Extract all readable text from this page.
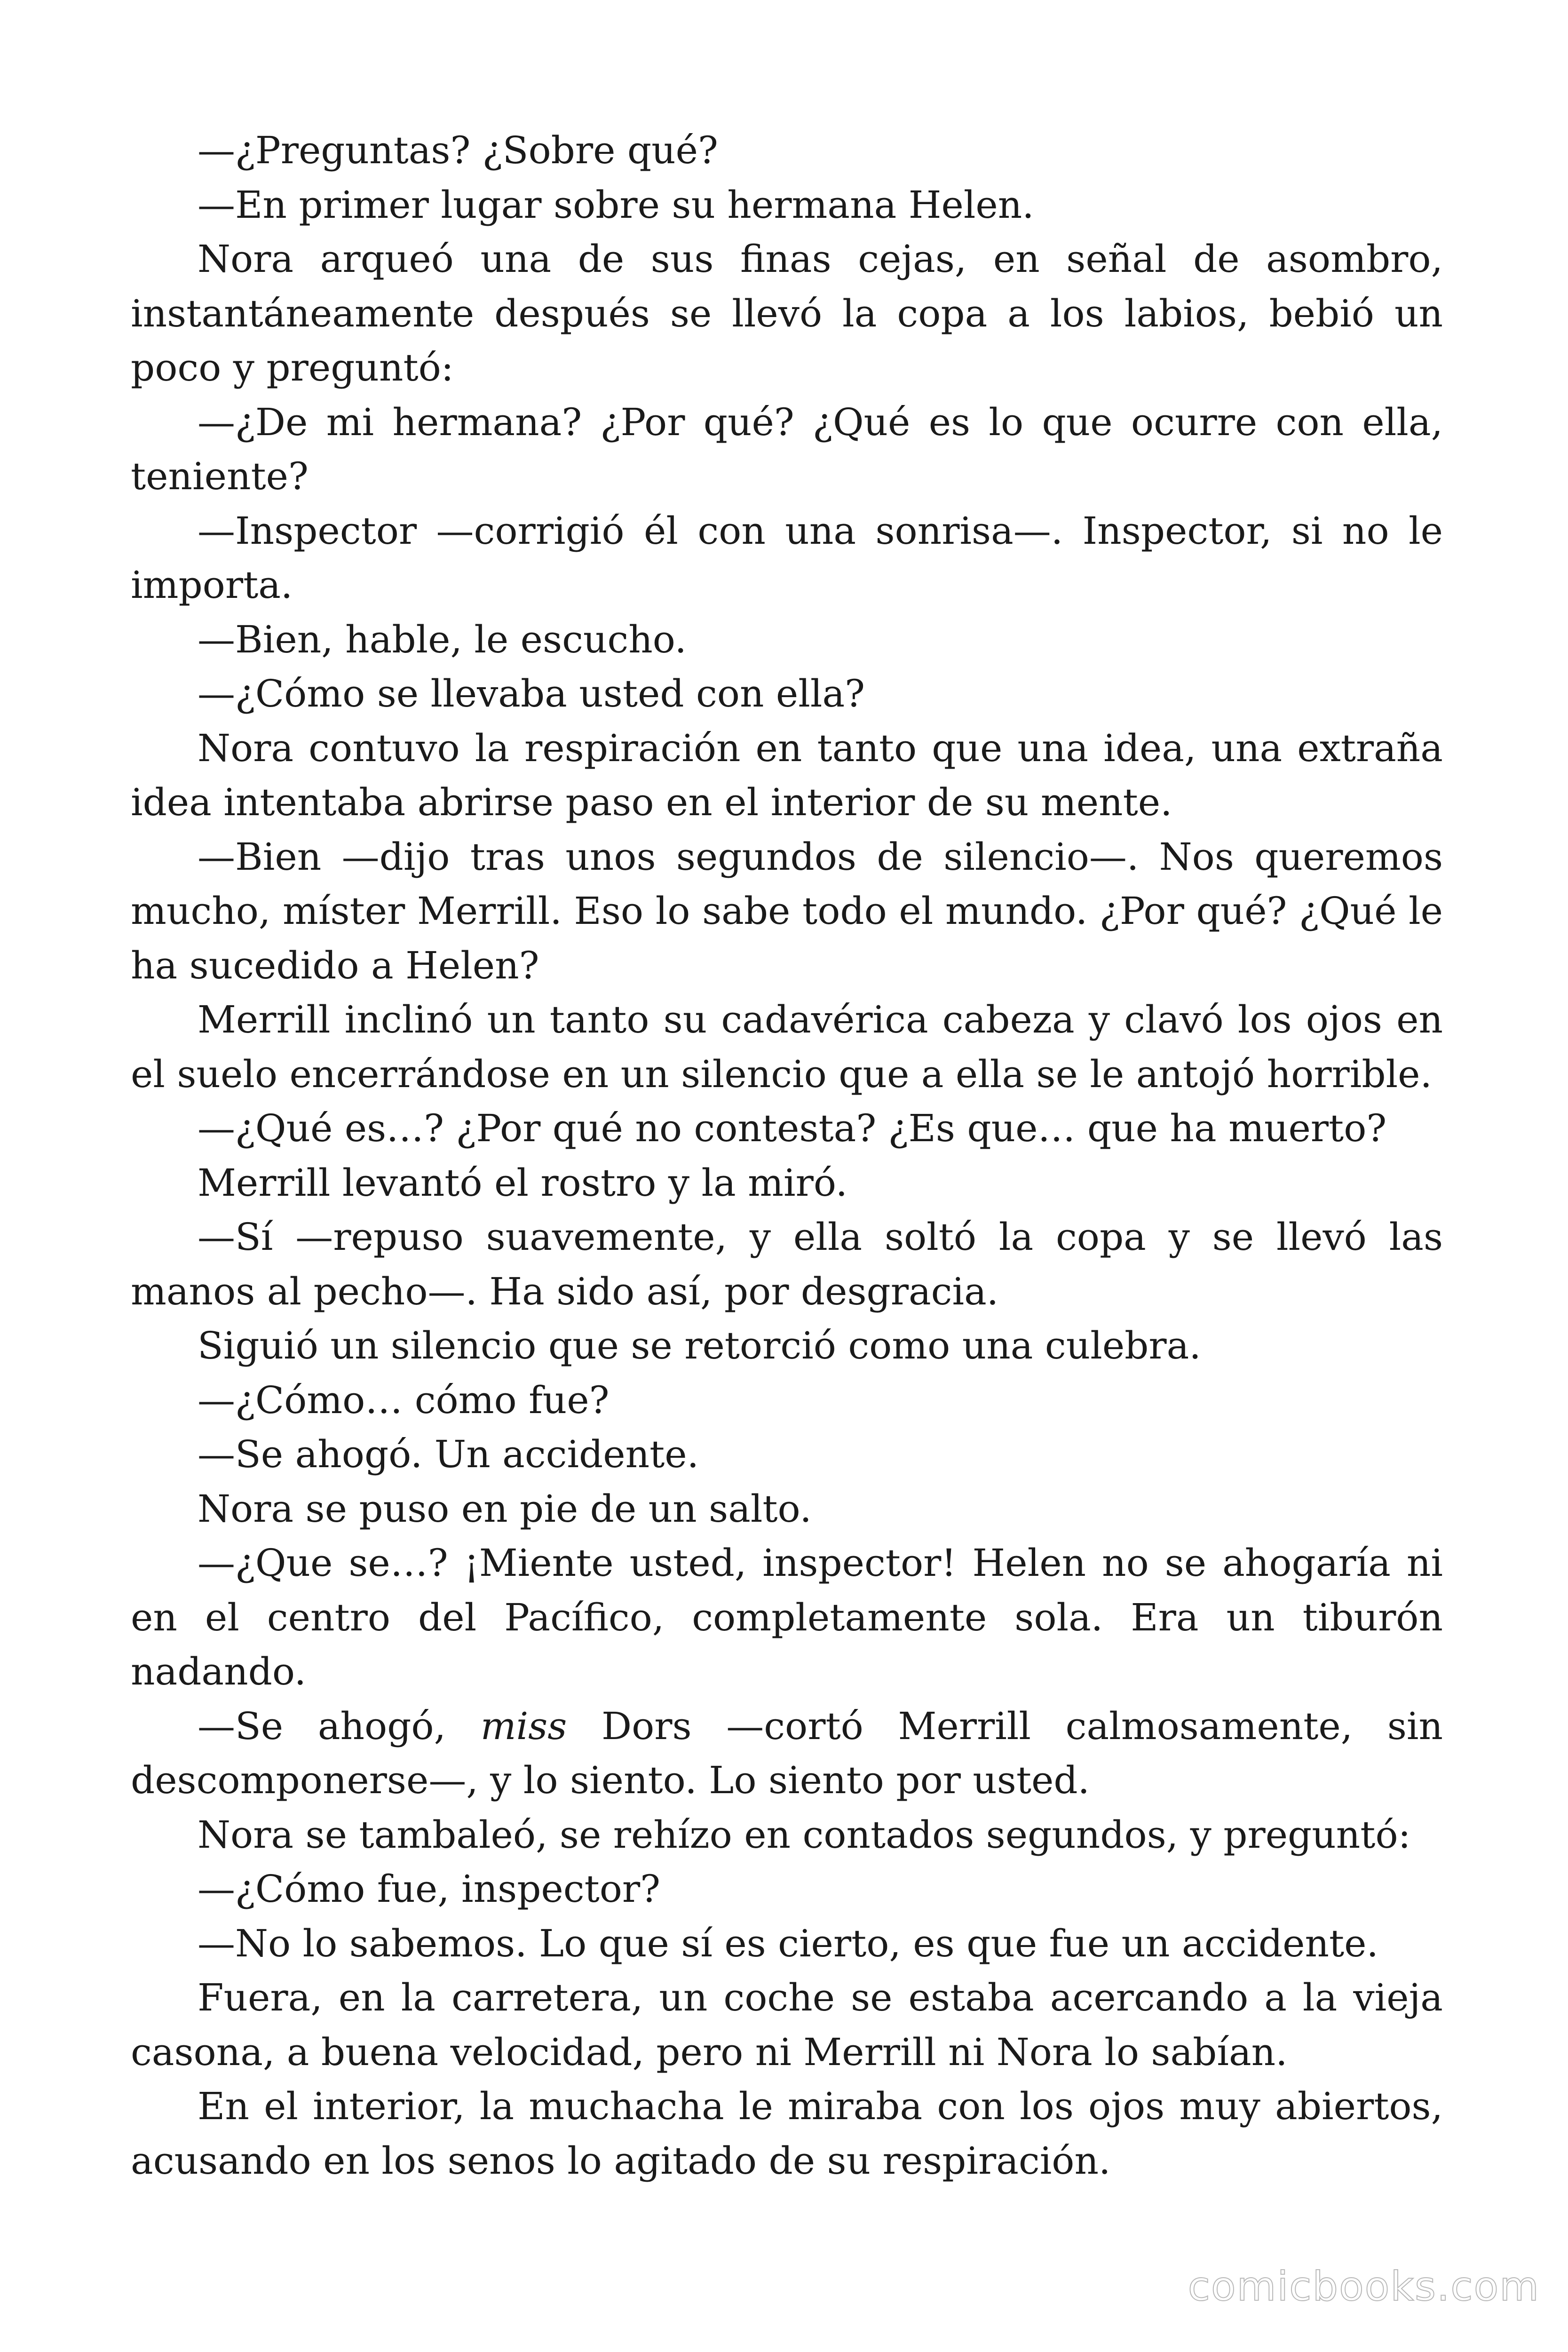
—¿Preguntas? ¿Sobre qué?

—En primer lugar sobre su hermana Helen.

Nora arqueó una de sus finas cejas, en señal de asombro, instantáneamente después se llevó la copa a los labios, bebió un poco y preguntó:

—¿De mi hermana? ¿Por qué? ¿Qué es lo que ocurre con ella, teniente?

—Inspector —corrigió él con una sonrisa—. Inspector, si no le importa.

—Bien, hable, le escucho.

—¿Cómo se llevaba usted con ella?

Nora contuvo la respiración en tanto que una idea, una extraña idea intentaba abrirse paso en el interior de su mente.

—Bien —dijo tras unos segundos de silencio—. Nos queremos mucho, míster Merrill. Eso lo sabe todo el mundo. ¿Por qué? ¿Qué le ha sucedido a Helen?

Merrill inclinó un tanto su cadavérica cabeza y clavó los ojos en el suelo encerrándose en un silencio que a ella se le antojó horrible.

—¿Qué es…? ¿Por qué no contesta? ¿Es que… que ha muerto?

Merrill levantó el rostro y la miró.

—Sí —repuso suavemente, y ella soltó la copa y se llevó las manos al pecho—. Ha sido así, por desgracia.

Siguió un silencio que se retorció como una culebra.

—¿Cómo… cómo fue?

—Se ahogó. Un accidente.

Nora se puso en pie de un salto.

—¿Que se…? ¡Miente usted, inspector! Helen no se ahogaría ni en el centro del Pacífico, completamente sola. Era un tiburón nadando.

—Se ahogó, miss Dors —cortó Merrill calmosamente, sin descomponerse—, y lo siento. Lo siento por usted.

Nora se tambaleó, se rehízo en contados segundos, y preguntó:

—¿Cómo fue, inspector?

—No lo sabemos. Lo que sí es cierto, es que fue un accidente.

Fuera, en la carretera, un coche se estaba acercando a la vieja casona, a buena velocidad, pero ni Merrill ni Nora lo sabían.

En el interior, la muchacha le miraba con los ojos muy abiertos, acusando en los senos lo agitado de su respiración.

comicbooks.com
